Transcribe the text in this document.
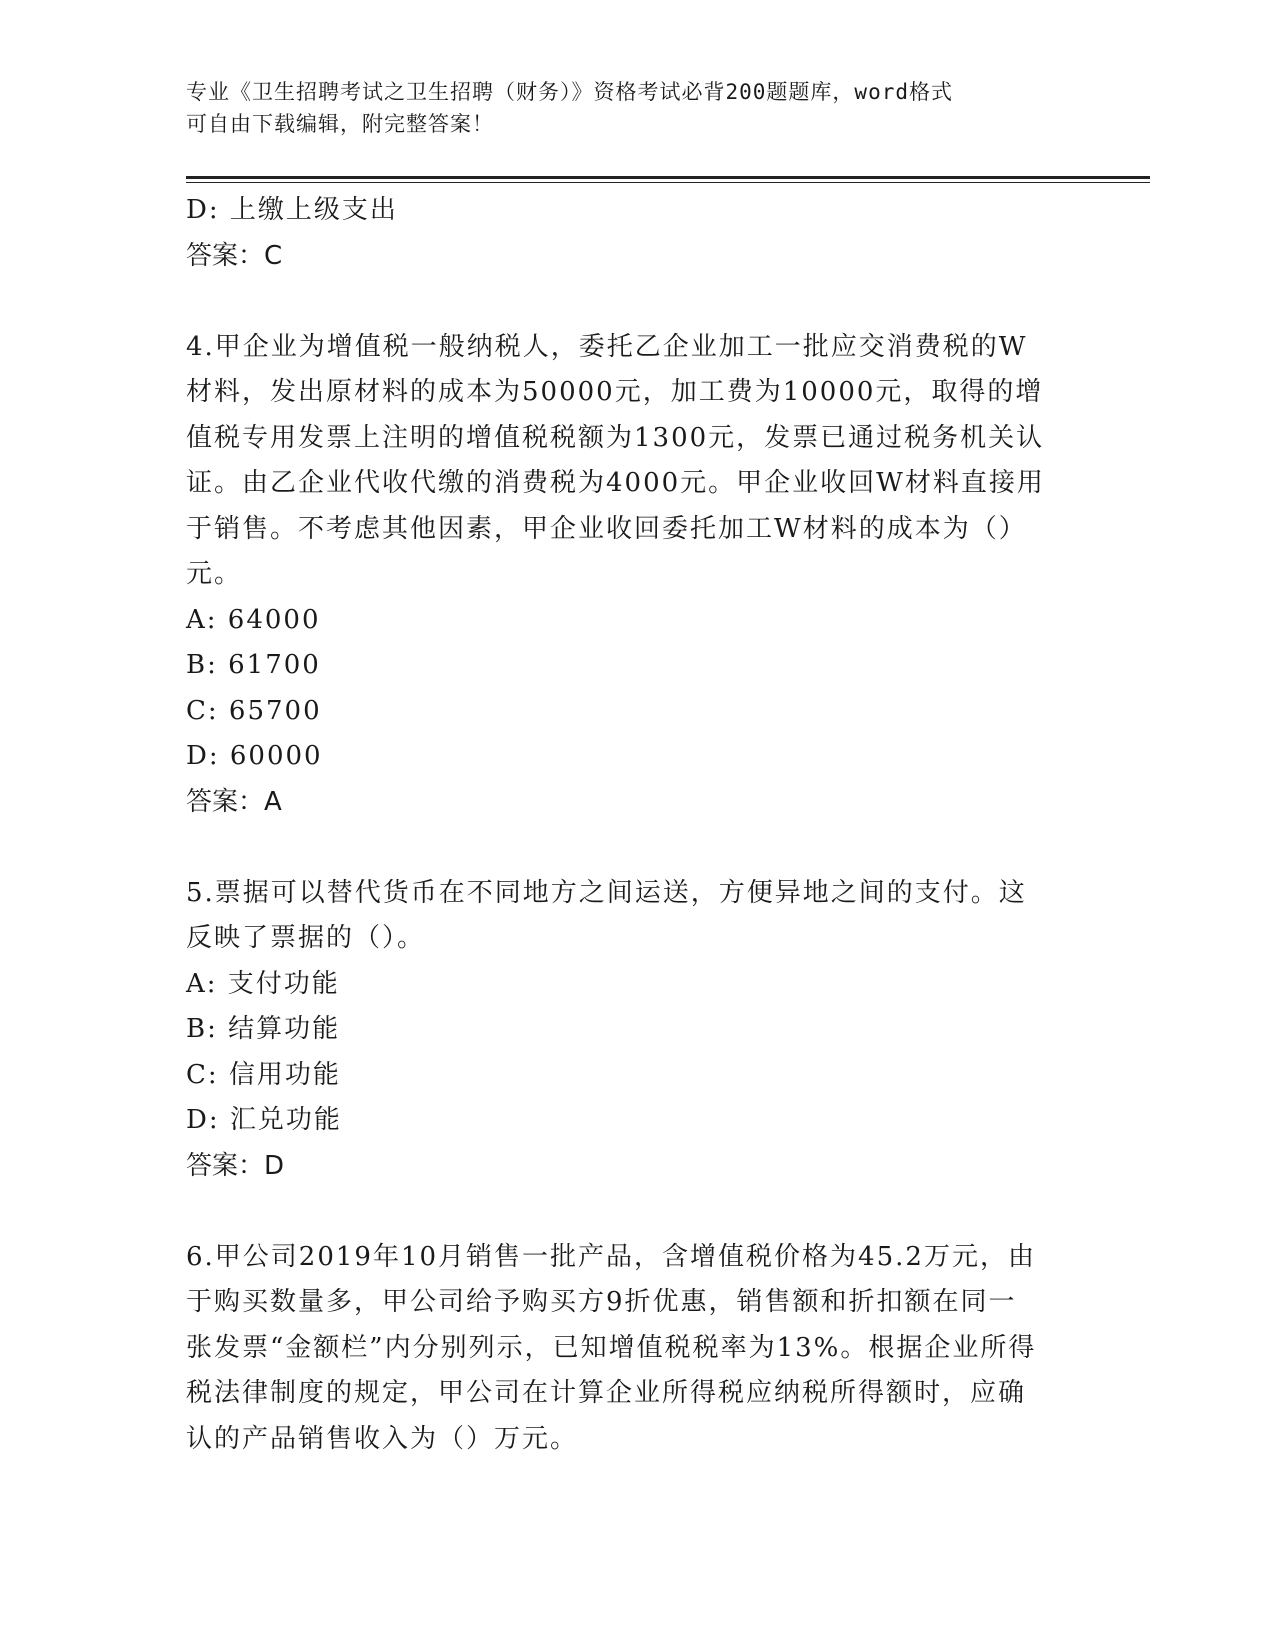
专业《卫生招聘考试之卫生招聘（财务）》资格考试必背200题题库，word格式
可自由下载编辑，附完整答案！
D: 上缴上级支出
答案：C
4.甲企业为增值税一般纳税人，委托乙企业加工一批应交消费税的W
材料，发出原材料的成本为50000元，加工费为10000元，取得的增
值税专用发票上注明的增值税税额为1300元，发票已通过税务机关认
证。由乙企业代收代缴的消费税为4000元。甲企业收回W材料直接用
于销售。不考虑其他因素，甲企业收回委托加工W材料的成本为（）
元。
A: 64000
B: 61700
C: 65700
D: 60000
答案：A
5.票据可以替代货币在不同地方之间运送，方便异地之间的支付。这
反映了票据的（）。
A: 支付功能
B: 结算功能
C: 信用功能
D: 汇兑功能
答案：D
6.甲公司2019年10月销售一批产品，含增值税价格为45.2万元，由
于购买数量多，甲公司给予购买方9折优惠，销售额和折扣额在同一
张发票“金额栏”内分别列示，已知增值税税率为13%。根据企业所得
税法律制度的规定，甲公司在计算企业所得税应纳税所得额时，应确
认的产品销售收入为（）万元。
